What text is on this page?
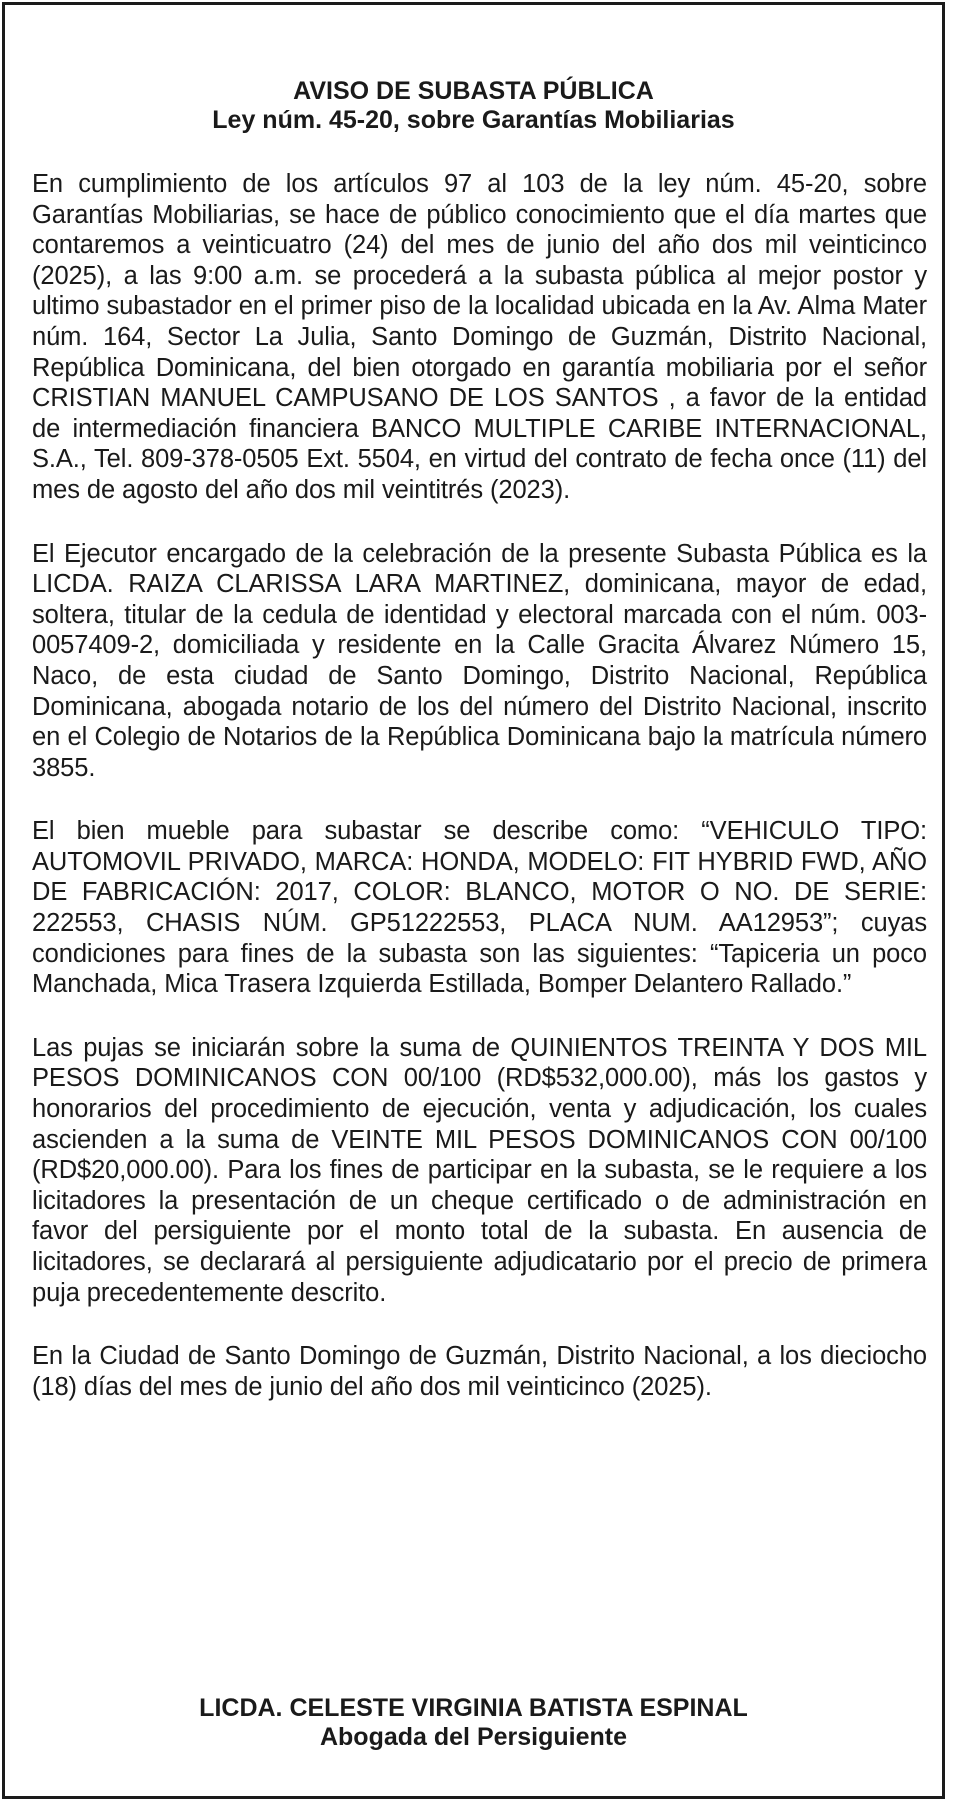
AVISO DE SUBASTA PÚBLICA
Ley núm. 45-20, sobre Garantías Mobiliarias

En cumplimiento de los artículos 97 al 103 de la ley núm. 45-20, sobre Garantías Mobiliarias, se hace de público conocimiento que el día martes que contaremos a veinticuatro (24) del mes de junio del año dos mil veinticinco (2025), a las 9:00 a.m. se procederá a la subasta pública al mejor postor y ultimo subastador en el primer piso de la localidad ubicada en la Av. Alma Mater núm. 164, Sector La Julia, Santo Domingo de Guzmán, Distrito Nacional, República Dominicana, del bien otorgado en garantía mobiliaria por el señor CRISTIAN MANUEL CAMPUSANO DE LOS SANTOS , a favor de la entidad de intermediación financiera BANCO MULTIPLE CARIBE INTERNACIONAL, S.A., Tel. 809-378-0505 Ext. 5504, en virtud del contrato de fecha once (11) del mes de agosto del año dos mil veintitrés (2023).

El Ejecutor encargado de la celebración de la presente Subasta Pública es la LICDA. RAIZA CLARISSA LARA MARTINEZ, dominicana, mayor de edad, soltera, titular de la cedula de identidad y electoral marcada con el núm. 003-0057409-2, domiciliada y residente en la Calle Gracita Álvarez Número 15, Naco, de esta ciudad de Santo Domingo, Distrito Nacional, República Dominicana, abogada notario de los del número del Distrito Nacional, inscrito en el Colegio de Notarios de la República Dominicana bajo la matrícula número 3855.

El bien mueble para subastar se describe como: “VEHICULO TIPO: AUTOMOVIL PRIVADO, MARCA: HONDA, MODELO: FIT HYBRID FWD, AÑO DE FABRICACIÓN: 2017, COLOR: BLANCO, MOTOR O NO. DE SERIE: 222553, CHASIS NÚM. GP51222553, PLACA NUM. AA12953”; cuyas condiciones para fines de la subasta son las siguientes: “Tapiceria un poco Manchada, Mica Trasera Izquierda Estillada, Bomper Delantero Rallado.”

Las pujas se iniciarán sobre la suma de QUINIENTOS TREINTA Y DOS MIL PESOS DOMINICANOS CON 00/100 (RD$532,000.00), más los gastos y honorarios del procedimiento de ejecución, venta y adjudicación, los cuales ascienden a la suma de VEINTE MIL PESOS DOMINICANOS CON 00/100 (RD$20,000.00). Para los fines de participar en la subasta, se le requiere a los licitadores la presentación de un cheque certificado o de administración en favor del persiguiente por el monto total de la subasta. En ausencia de licitadores, se declarará al persiguiente adjudicatario por el precio de primera puja precedentemente descrito.

En la Ciudad de Santo Domingo de Guzmán, Distrito Nacional, a los dieciocho (18) días del mes de junio del año dos mil veinticinco (2025).

LICDA. CELESTE VIRGINIA BATISTA ESPINAL
Abogada del Persiguiente
